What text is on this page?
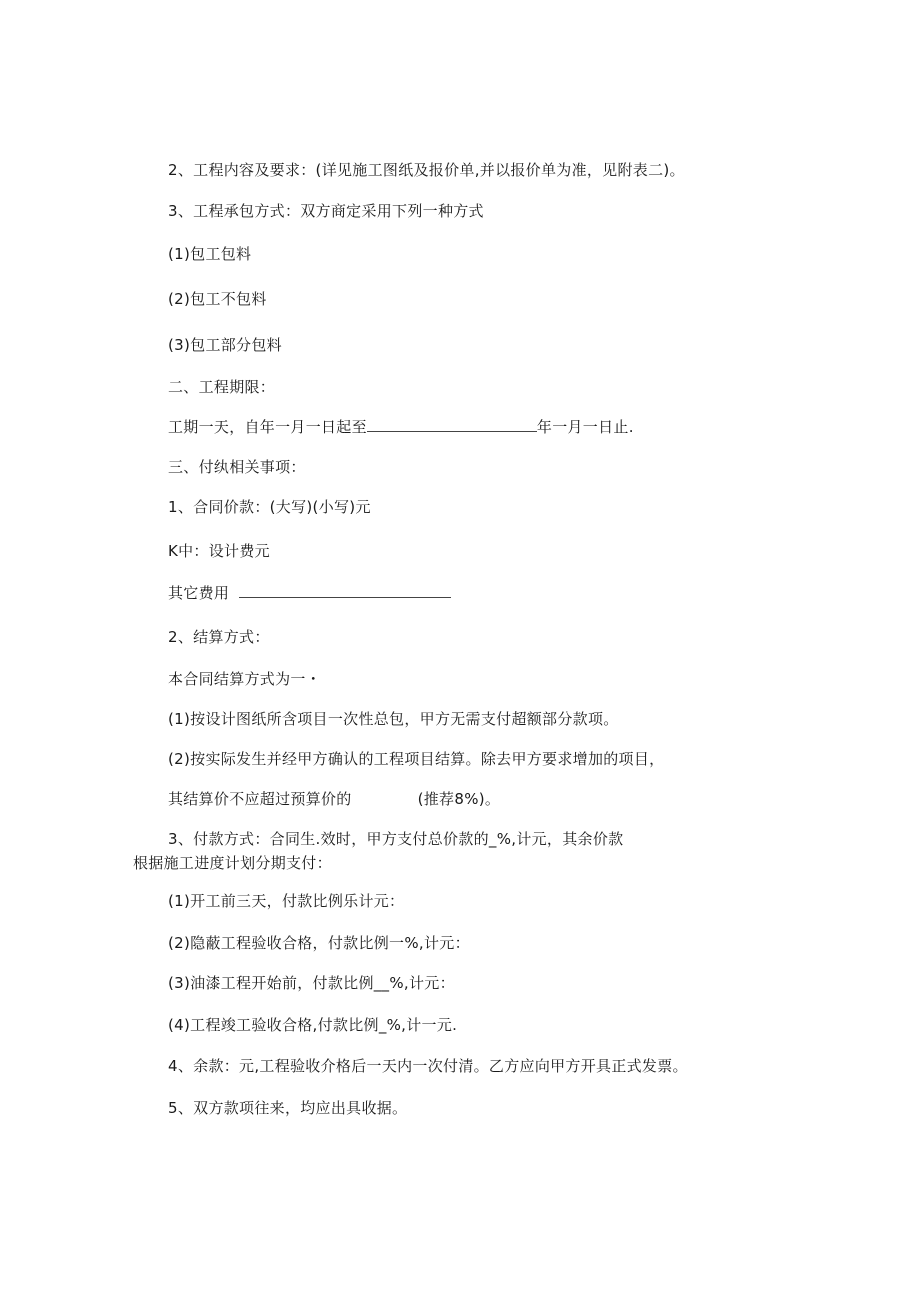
2、工程内容及要求：(详见施工图纸及报价单,并以报价单为准，见附表二)。
3、工程承包方式：双方商定采用下列一种方式
(1)包工包料
(2)包工不包料
(3)包工部分包料
二、工程期限：
工期一天，自年一月一日起至	年一月一日止.
三、付纨相关事项：
1、合同价款：(大写)(小写)元
K中：设计费元
其它费用
2、结算方式：
本合同结算方式为一・
(1)按设计图纸所含项目一次性总包，甲方无需支付超额部分款项。
(2)按实际发生并经甲方确认的工程项目结算。除去甲方要求增加的项目，
其结算价不应超过预算价的	(推荐8%)。
3、付款方式：合同生.效时，甲方支付总价款的_%,计元，其余价款
根据施工进度计划分期支付：
(1)开工前三天，付款比例乐计元：
(2)隐蔽工程验收合格，付款比例一%,计元：
(3)油漆工程开始前，付款比例__%,计元：
(4)工程竣工验收合格,付款比例_%,计一元.
4、余款：元,工程验收介格后一天内一次付清。乙方应向甲方开具正式发票。
5、双方款项往来，均应出具收据。
